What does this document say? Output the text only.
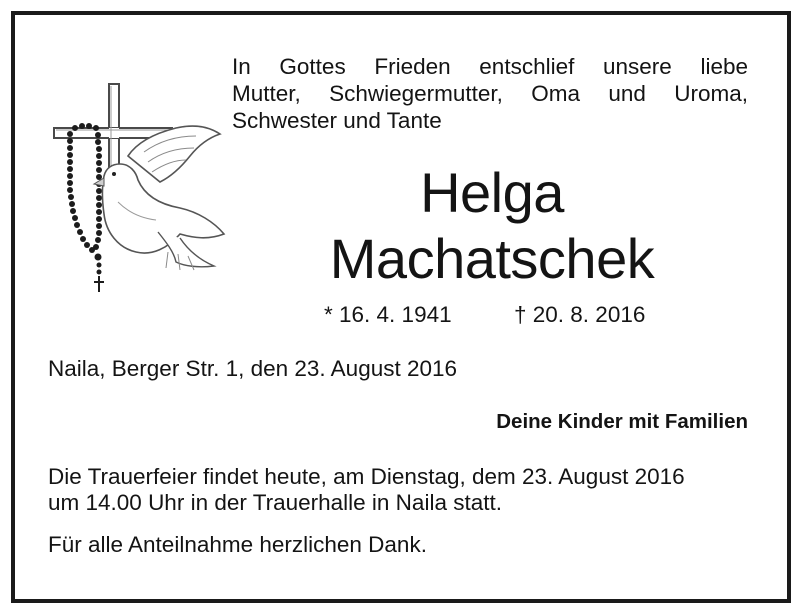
In Gottes Frieden entschlief unsere liebe
Mutter, Schwiegermutter, Oma und Uroma,
Schwester und Tante

Helga
Machatschek
* 16. 4. 1941	† 20. 8. 2016
Naila, Berger Str. 1, den 23. August 2016
Deine Kinder mit Familien

Die Trauerfeier findet heute, am Dienstag, dem 23. August 2016
um 14.00 Uhr in der Trauerhalle in Naila statt.

Für alle Anteilnahme herzlichen Dank.
